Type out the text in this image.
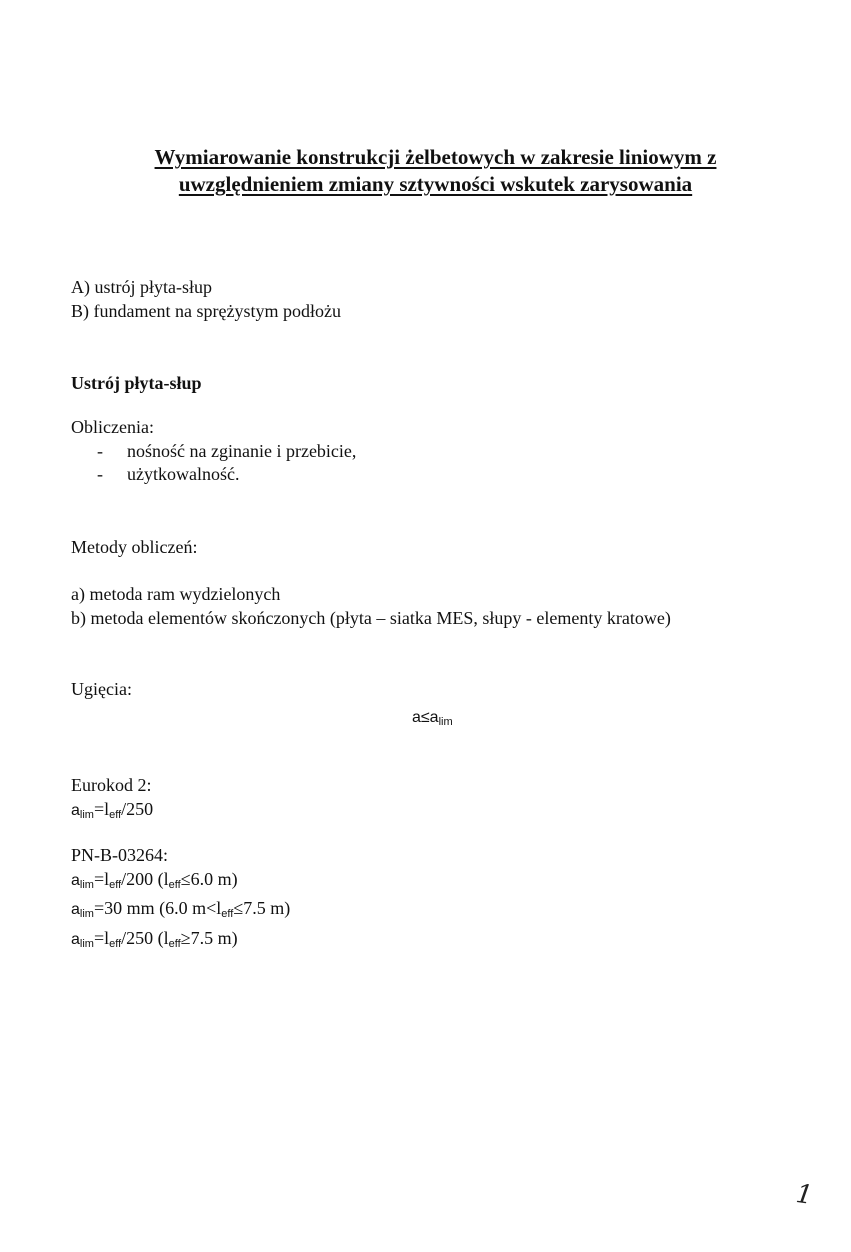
Wymiarowanie konstrukcji żelbetowych w zakresie liniowym z
uwzględnieniem zmiany sztywności wskutek zarysowania

A) ustrój płyta-słup

B) fundament na sprężystym podłożu

Ustrój płyta-słup

Obliczenia:

- nośność na zginanie i przebicie,

- użytkowalność.

Metody obliczeń:

a) metoda ram wydzielonych

b) metoda elementów skończonych (płyta – siatka MES, słupy - elementy kratowe)

Ugięcia:

$a\le a_{lim}$

Eurokod 2:

$a_{lim}=l_{eff}/250$

PN-B-03264:

$a_{lim}=l_{eff}/200$ ($l_{eff}\le 6.0$ m)

$a_{lim}=30$ mm (6.0 $m<l_{eff}\le 7.5$ m)

$a_{lim}=l_{eff}/250$ ($l_{eff}\ge 7.5$ m)

1
